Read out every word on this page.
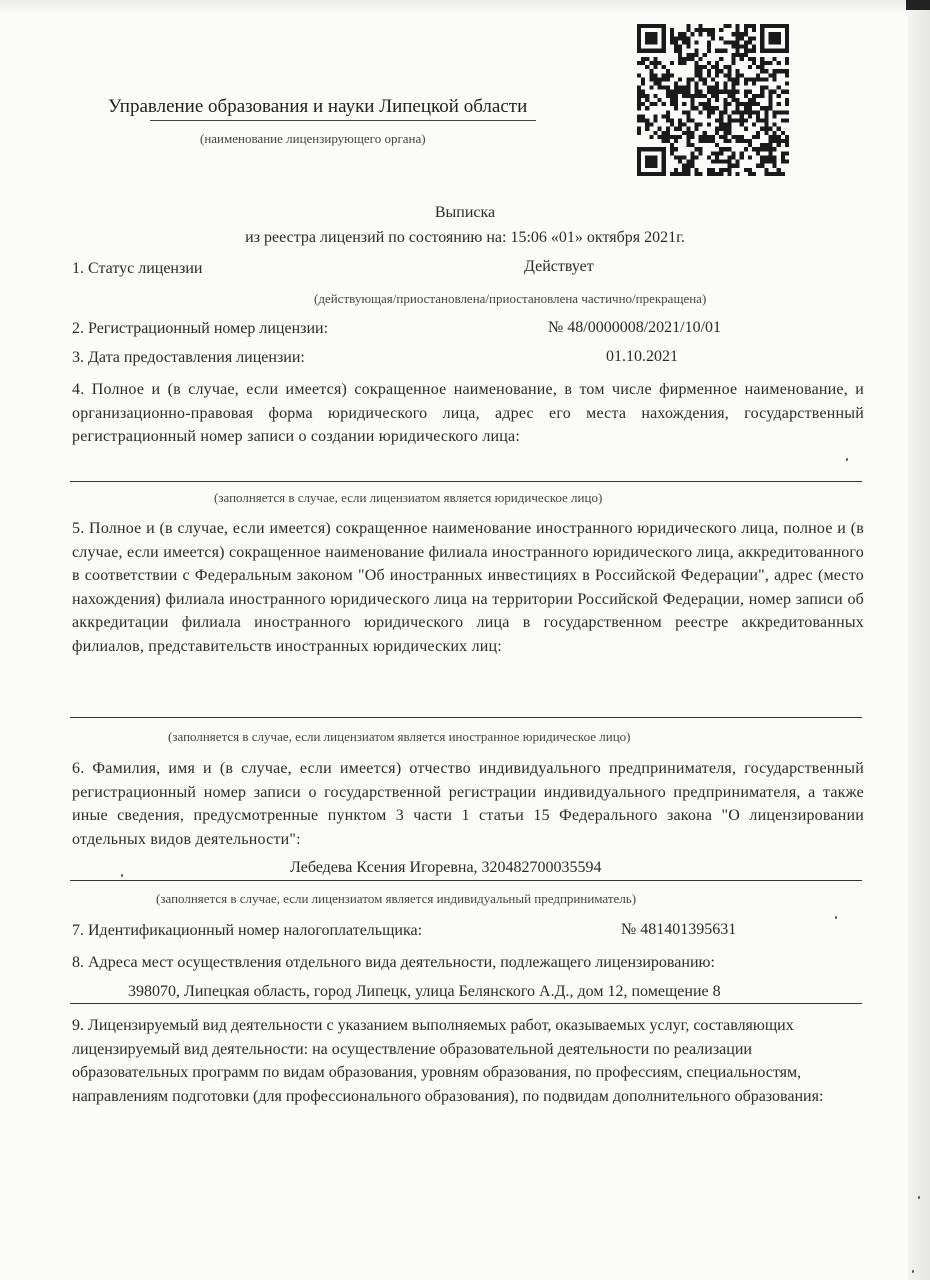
Управление образования и науки Липецкой области
(наименование лицензирующего органа)
Выписка
из реестра лицензий по состоянию на: 15:06 «01» октября 2021г.
1. Статус лицензии	Действует
(действующая/приостановлена/приостановлена частично/прекращена)
2. Регистрационный номер лицензии:	№ 48/0000008/2021/10/01
3. Дата предоставления лицензии:	01.10.2021
4. Полное и (в случае, если имеется) сокращенное наименование, в том числе фирменное наименование, и организационно-правовая форма юридического лица, адрес его места нахождения, государственный регистрационный номер записи о создании юридического лица:
(заполняется в случае, если лицензиатом является юридическое лицо)
5. Полное и (в случае, если имеется) сокращенное наименование иностранного юридического лица, полное и (в случае, если имеется) сокращенное наименование филиала иностранного юридического лица, аккредитованного в соответствии с Федеральным законом "Об иностранных инвестициях в Российской Федерации", адрес (место нахождения) филиала иностранного юридического лица на территории Российской Федерации, номер записи об аккредитации филиала иностранного юридического лица в государственном реестре аккредитованных филиалов, представительств иностранных юридических лиц:
(заполняется в случае, если лицензиатом является иностранное юридическое лицо)
6. Фамилия, имя и (в случае, если имеется) отчество индивидуального предпринимателя, государственный регистрационный номер записи о государственной регистрации индивидуального предпринимателя, а также иные сведения, предусмотренные пунктом 3 части 1 статьи 15 Федерального закона "О лицензировании отдельных видов деятельности":
Лебедева Ксения Игоревна, 320482700035594
(заполняется в случае, если лицензиатом является индивидуальный предприниматель)
7. Идентификационный номер налогоплательщика:	№ 481401395631
8. Адреса мест осуществления отдельного вида деятельности, подлежащего лицензированию:
398070, Липецкая область, город Липецк, улица Белянского А.Д., дом 12, помещение 8
9. Лицензируемый вид деятельности с указанием выполняемых работ, оказываемых услуг, составляющих лицензируемый вид деятельности: на осуществление образовательной деятельности по реализации образовательных программ по видам образования, уровням образования, по профессиям, специальностям, направлениям подготовки (для профессионального образования), по подвидам дополнительного образования:
